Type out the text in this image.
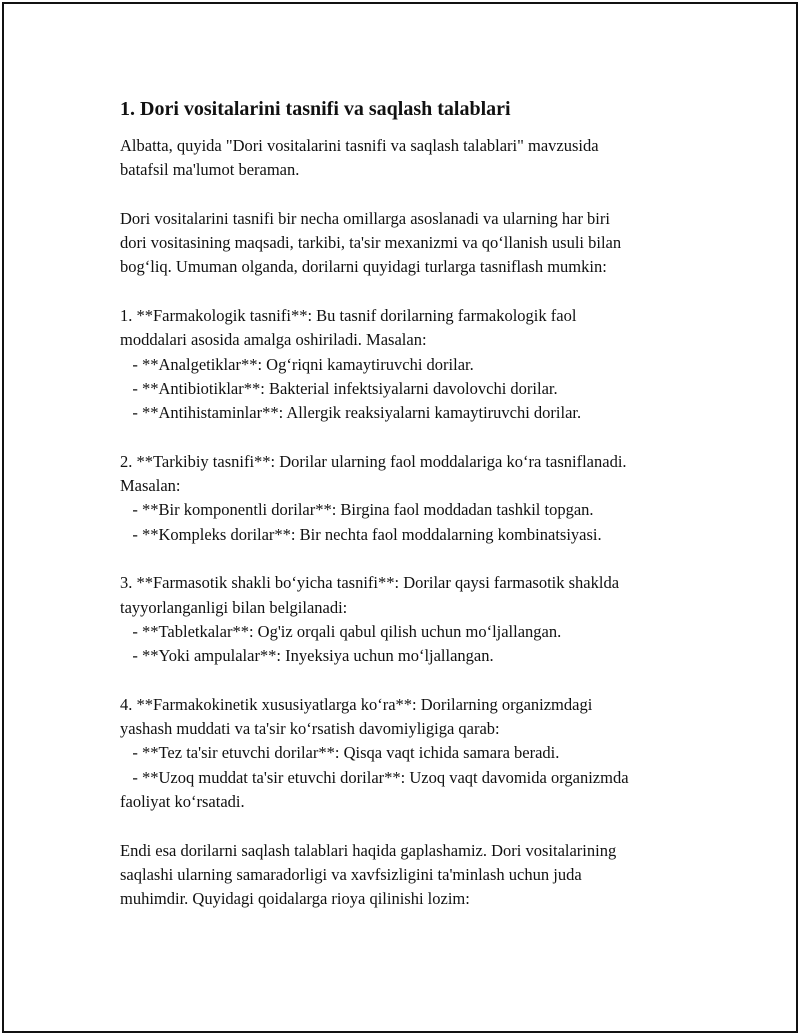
1. Dori vositalarini tasnifi va saqlash talablari

Albatta, quyida "Dori vositalarini tasnifi va saqlash talablari" mavzusida
batafsil ma'lumot beraman.

Dori vositalarini tasnifi bir necha omillarga asoslanadi va ularning har biri
dori vositasining maqsadi, tarkibi, ta'sir mexanizmi va qo‘llanish usuli bilan
bog‘liq. Umuman olganda, dorilarni quyidagi turlarga tasniflash mumkin:

1. **Farmakologik tasnifi**: Bu tasnif dorilarning farmakologik faol
moddalari asosida amalga oshiriladi. Masalan:
- **Analgetiklar**: Og‘riqni kamaytiruvchi dorilar.
- **Antibiotiklar**: Bakterial infektsiyalarni davolovchi dorilar.
- **Antihistaminlar**: Allergik reaksiyalarni kamaytiruvchi dorilar.

2. **Tarkibiy tasnifi**: Dorilar ularning faol moddalariga ko‘ra tasniflanadi.
Masalan:
- **Bir komponentli dorilar**: Birgina faol moddadan tashkil topgan.
- **Kompleks dorilar**: Bir nechta faol moddalarning kombinatsiyasi.

3. **Farmasotik shakli bo‘yicha tasnifi**: Dorilar qaysi farmasotik shaklda
tayyorlanganligi bilan belgilanadi:
- **Tabletkalar**: Og'iz orqali qabul qilish uchun mo‘ljallangan.
- **Yoki ampulalar**: Inyeksiya uchun mo‘ljallangan.

4. **Farmakokinetik xususiyatlarga ko‘ra**: Dorilarning organizmdagi
yashash muddati va ta'sir ko‘rsatish davomiyligiga qarab:
- **Tez ta'sir etuvchi dorilar**: Qisqa vaqt ichida samara beradi.
- **Uzoq muddat ta'sir etuvchi dorilar**: Uzoq vaqt davomida organizmda
faoliyat ko‘rsatadi.

Endi esa dorilarni saqlash talablari haqida gaplashamiz. Dori vositalarining
saqlashi ularning samaradorligi va xavfsizligini ta'minlash uchun juda
muhimdir. Quyidagi qoidalarga rioya qilinishi lozim:
